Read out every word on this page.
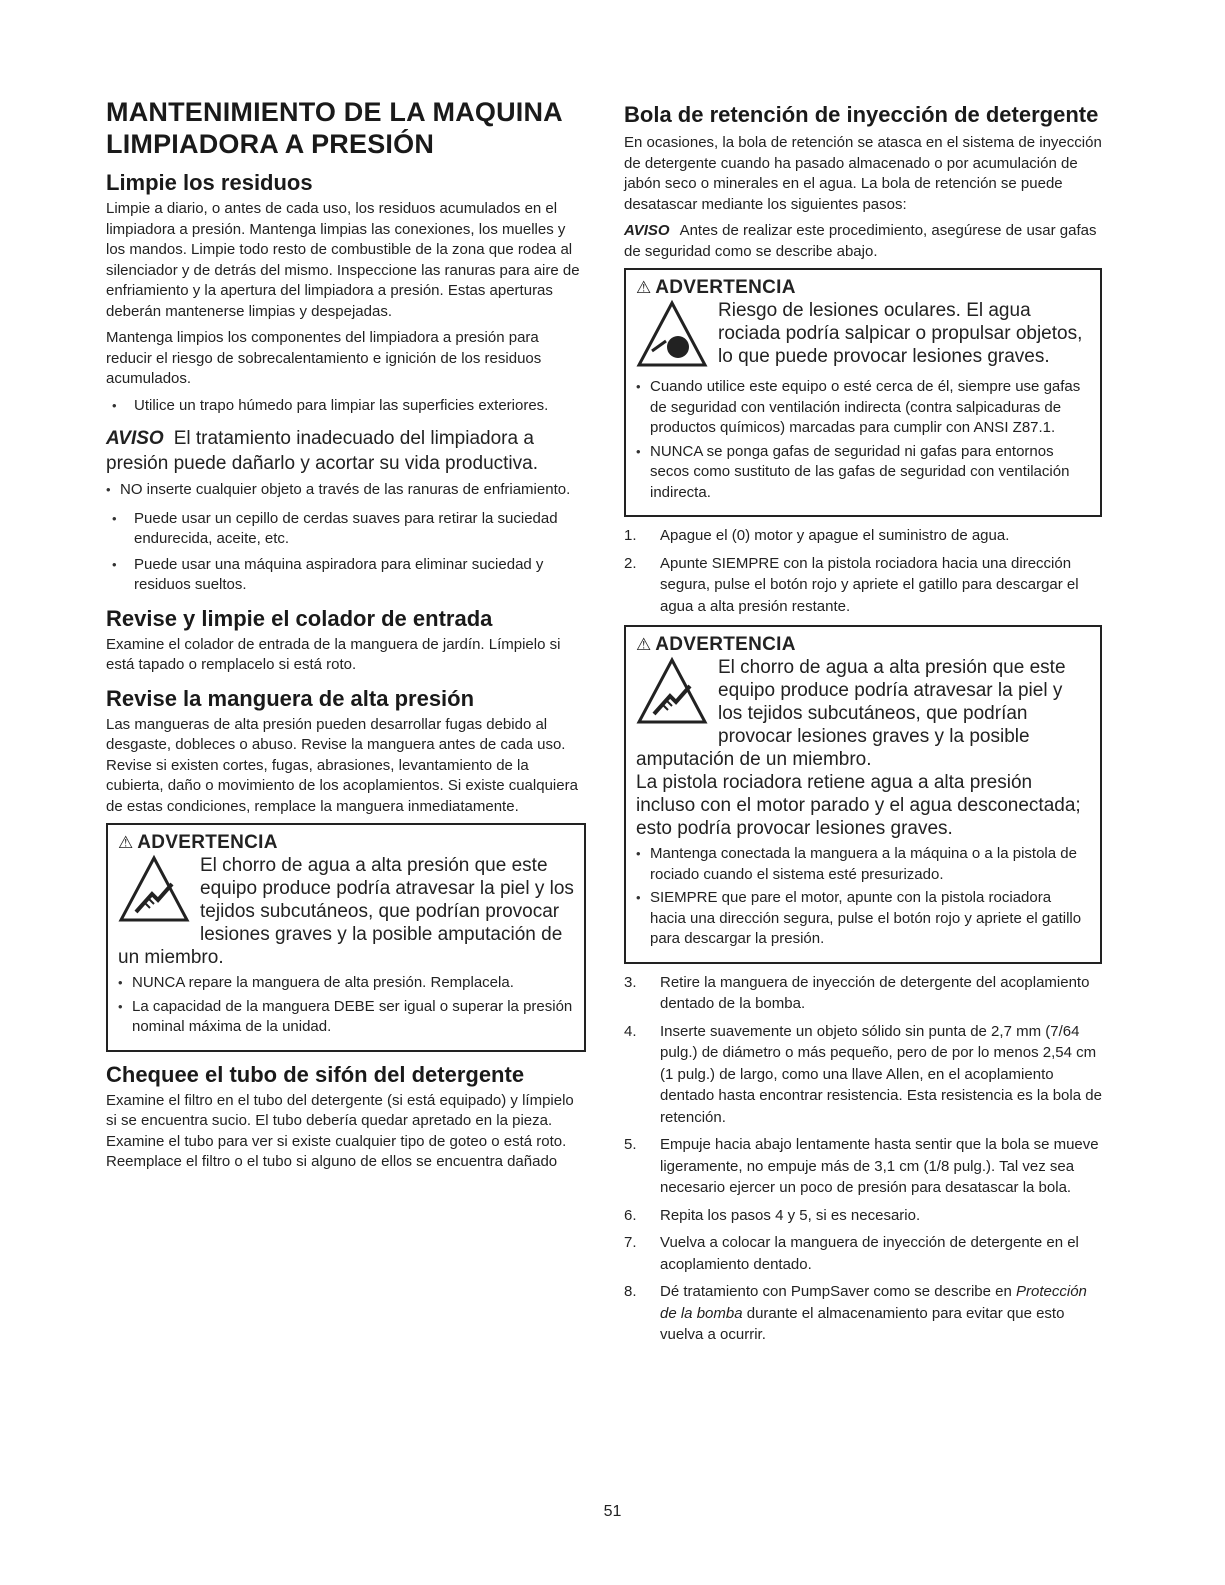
MANTENIMIENTO DE LA MAQUINA LIMPIADORA A PRESIÓN
Limpie los residuos

Limpie a diario, o antes de cada uso, los residuos acumulados en el limpiadora a presión. Mantenga limpias las conexiones, los muelles y los mandos. Limpie todo resto de combustible de la zona que rodea al silenciador y de detrás del mismo. Inspeccione las ranuras para aire de enfriamiento y la apertura del limpiadora a presión. Estas aperturas deberán mantenerse limpias y despejadas.

Mantenga limpios los componentes del limpiadora a presión para reducir el riesgo de sobrecalentamiento e ignición de los residuos acumulados.

• Utilice un trapo húmedo para limpiar las superficies exteriores.
AVISO El tratamiento inadecuado del limpiadora a presión puede dañarlo y acortar su vida productiva.
• NO inserte cualquier objeto a través de las ranuras de enfriamiento.
• Puede usar un cepillo de cerdas suaves para retirar la suciedad endurecida, aceite, etc.
• Puede usar una máquina aspiradora para eliminar suciedad y residuos sueltos.
Revise y limpie el colador de entrada

Examine el colador de entrada de la manguera de jardín. Límpielo si está tapado o remplacelo si está roto.

Revise la manguera de alta presión

Las mangueras de alta presión pueden desarrollar fugas debido al desgaste, dobleces o abuso. Revise la manguera antes de cada uso. Revise si existen cortes, fugas, abrasiones, levantamiento de la cubierta, daño o movimiento de los acoplamientos. Si existe cualquiera de estas condiciones, remplace la manguera inmediatamente.

⚠ ADVERTENCIA
El chorro de agua a alta presión que este equipo produce podría atravesar la piel y los tejidos subcutáneos, que podrían provocar lesiones graves y la posible amputación de un miembro.
• NUNCA repare la manguera de alta presión. Remplacela.
• La capacidad de la manguera DEBE ser igual o superar la presión nominal máxima de la unidad.
Chequee el tubo de sifón del detergente

Examine el filtro en el tubo del detergente (si está equipado) y límpielo si se encuentra sucio. El tubo debería quedar apretado en la pieza. Examine el tubo para ver si existe cualquier tipo de goteo o está roto. Reemplace el filtro o el tubo si alguno de ellos se encuentra dañado

Bola de retención de inyección de detergente

En ocasiones, la bola de retención se atasca en el sistema de inyección de detergente cuando ha pasado almacenado o por acumulación de jabón seco o minerales en el agua. La bola de retención se puede desatascar mediante los siguientes pasos:

AVISO Antes de realizar este procedimiento, asegúrese de usar gafas de seguridad como se describe abajo.
⚠ ADVERTENCIA
Riesgo de lesiones oculares. El agua rociada podría salpicar o propulsar objetos, lo que puede provocar lesiones graves.
• Cuando utilice este equipo o esté cerca de él, siempre use gafas de seguridad con ventilación indirecta (contra salpicaduras de productos químicos) marcadas para cumplir con ANSI Z87.1.
• NUNCA se ponga gafas de seguridad ni gafas para entornos secos como sustituto de las gafas de seguridad con ventilación indirecta.
1. Apague el (0) motor y apague el suministro de agua.
2. Apunte SIEMPRE con la pistola rociadora hacia una dirección segura, pulse el botón rojo y apriete el gatillo para descargar el agua a alta presión restante.
⚠ ADVERTENCIA
El chorro de agua a alta presión que este equipo produce podría atravesar la piel y los tejidos subcutáneos, que podrían provocar lesiones graves y la posible amputación de un miembro.
La pistola rociadora retiene agua a alta presión incluso con el motor parado y el agua desconectada; esto podría provocar lesiones graves.
• Mantenga conectada la manguera a la máquina o a la pistola de rociado cuando el sistema esté presurizado.
• SIEMPRE que pare el motor, apunte con la pistola rociadora hacia una dirección segura, pulse el botón rojo y apriete el gatillo para descargar la presión.
3. Retire la manguera de inyección de detergente del acoplamiento dentado de la bomba.
4. Inserte suavemente un objeto sólido sin punta de 2,7 mm (7/64 pulg.) de diámetro o más pequeño, pero de por lo menos 2,54 cm (1 pulg.) de largo, como una llave Allen, en el acoplamiento dentado hasta encontrar resistencia. Esta resistencia es la bola de retención.
5. Empuje hacia abajo lentamente hasta sentir que la bola se mueve ligeramente, no empuje más de 3,1 cm (1/8 pulg.). Tal vez sea necesario ejercer un poco de presión para desatascar la bola.
6. Repita los pasos 4 y 5, si es necesario.
7. Vuelva a colocar la manguera de inyección de detergente en el acoplamiento dentado.
8. Dé tratamiento con PumpSaver como se describe en Protección de la bomba durante el almacenamiento para evitar que esto vuelva a ocurrir.
51
